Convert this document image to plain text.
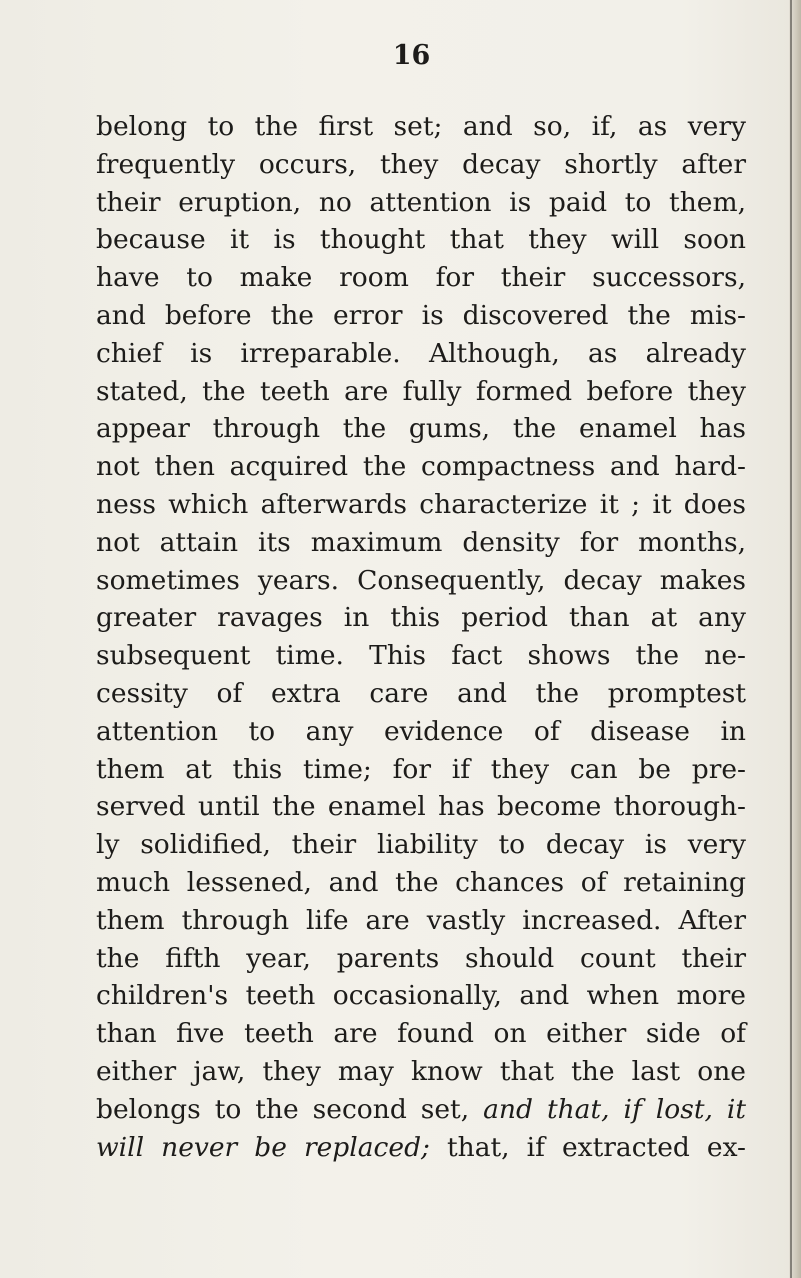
16
belong to the first set; and so, if, as very
frequently occurs, they decay shortly after
their eruption, no attention is paid to them,
because it is thought that they will soon
have to make room for their successors,
and before the error is discovered the mis-
chief is irreparable. Although, as already
stated, the teeth are fully formed before they
appear through the gums, the enamel has
not then acquired the compactness and hard-
ness which afterwards characterize it ; it does
not attain its maximum density for months,
sometimes years. Consequently, decay makes
greater ravages in this period than at any
subsequent time. This fact shows the ne-
cessity of extra care and the promptest
attention to any evidence of disease in
them at this time; for if they can be pre-
served until the enamel has become thorough-
ly solidified, their liability to decay is very
much lessened, and the chances of retaining
them through life are vastly increased. After
the fifth year, parents should count their
children's teeth occasionally, and when more
than five teeth are found on either side of
either jaw, they may know that the last one
belongs to the second set, and that, if lost, it
will never be replaced; that, if extracted ex-
